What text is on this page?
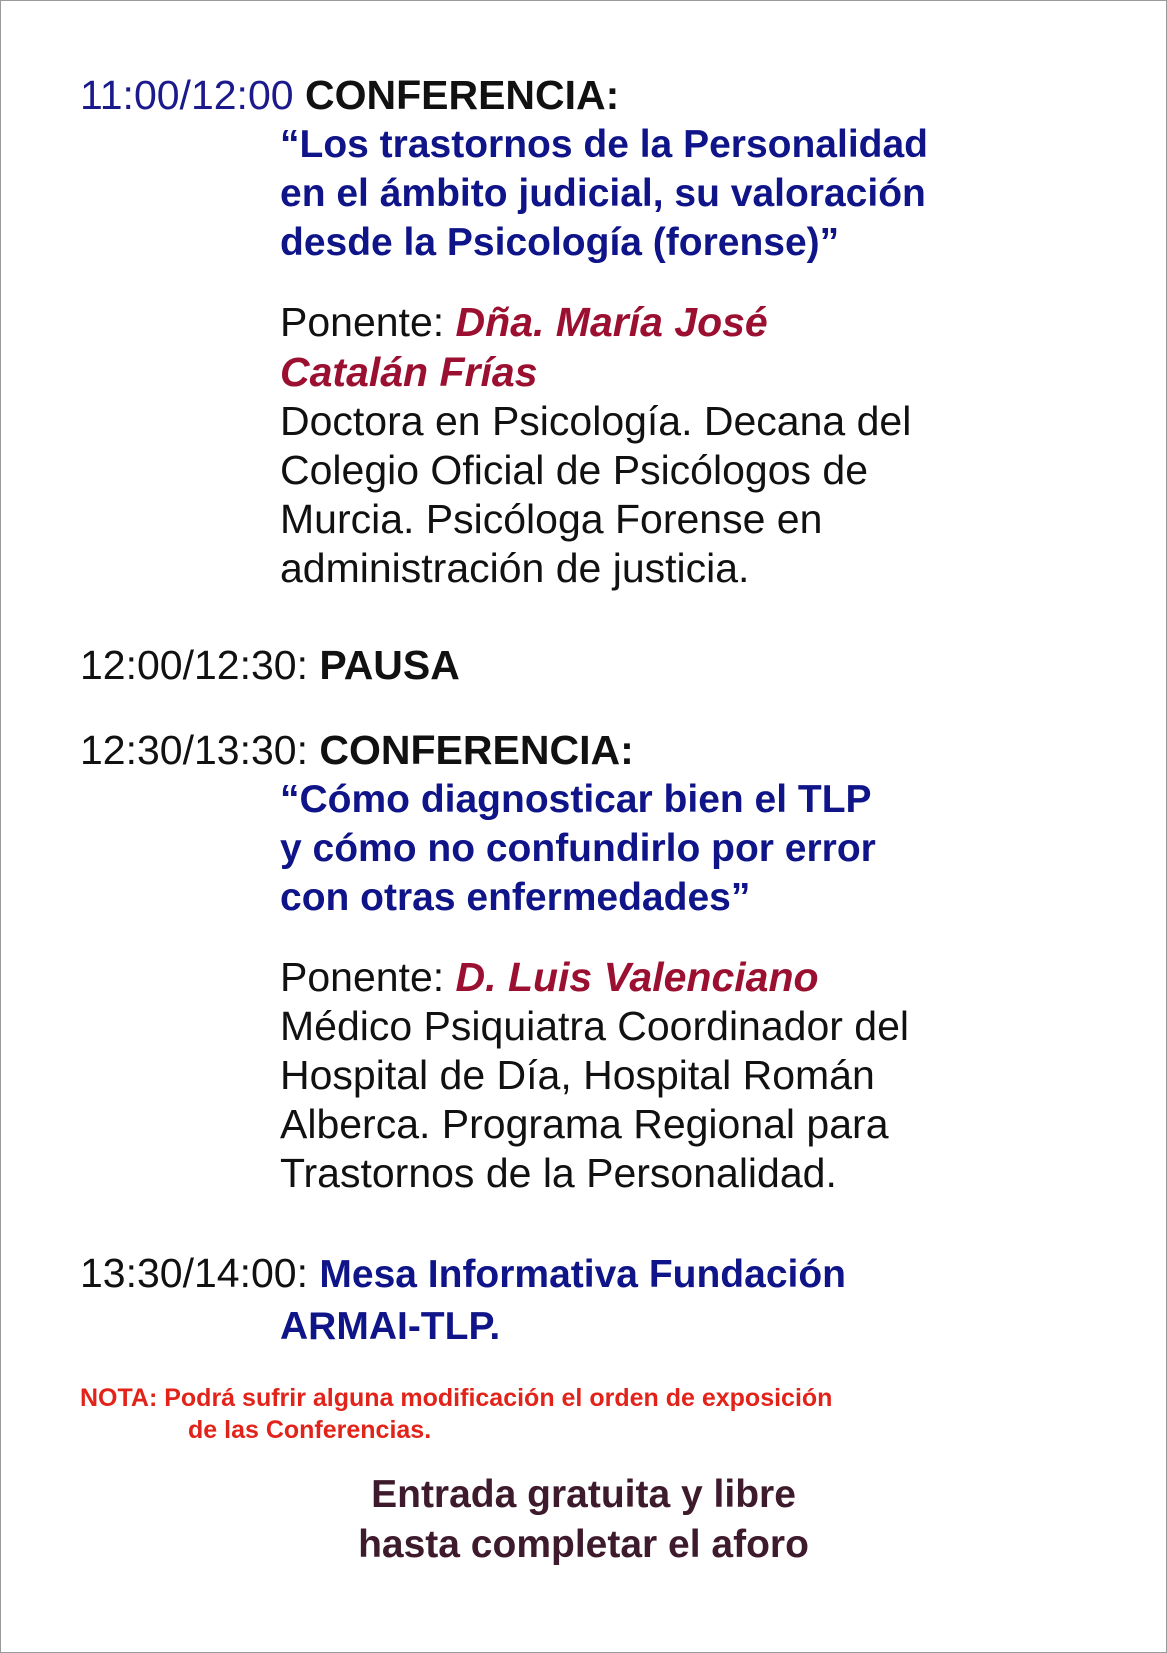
11:00/12:00 CONFERENCIA:
“Los trastornos de la Personalidad
en el ámbito judicial, su valoración
desde la Psicología (forense)”
Ponente: Dña. María José
Catalán Frías
Doctora en Psicología. Decana del
Colegio Oficial de Psicólogos de
Murcia. Psicóloga Forense en
administración de justicia.
12:00/12:30: PAUSA
12:30/13:30: CONFERENCIA:
“Cómo diagnosticar bien el TLP
y cómo no confundirlo por error
con otras enfermedades”
Ponente: D. Luis Valenciano
Médico Psiquiatra Coordinador del
Hospital de Día, Hospital Román
Alberca. Programa Regional para
Trastornos de la Personalidad.
13:30/14:00: Mesa Informativa Fundación
ARMAI-TLP.
NOTA: Podrá sufrir alguna modificación el orden de exposición
de las Conferencias.
Entrada gratuita y libre
hasta completar el aforo
